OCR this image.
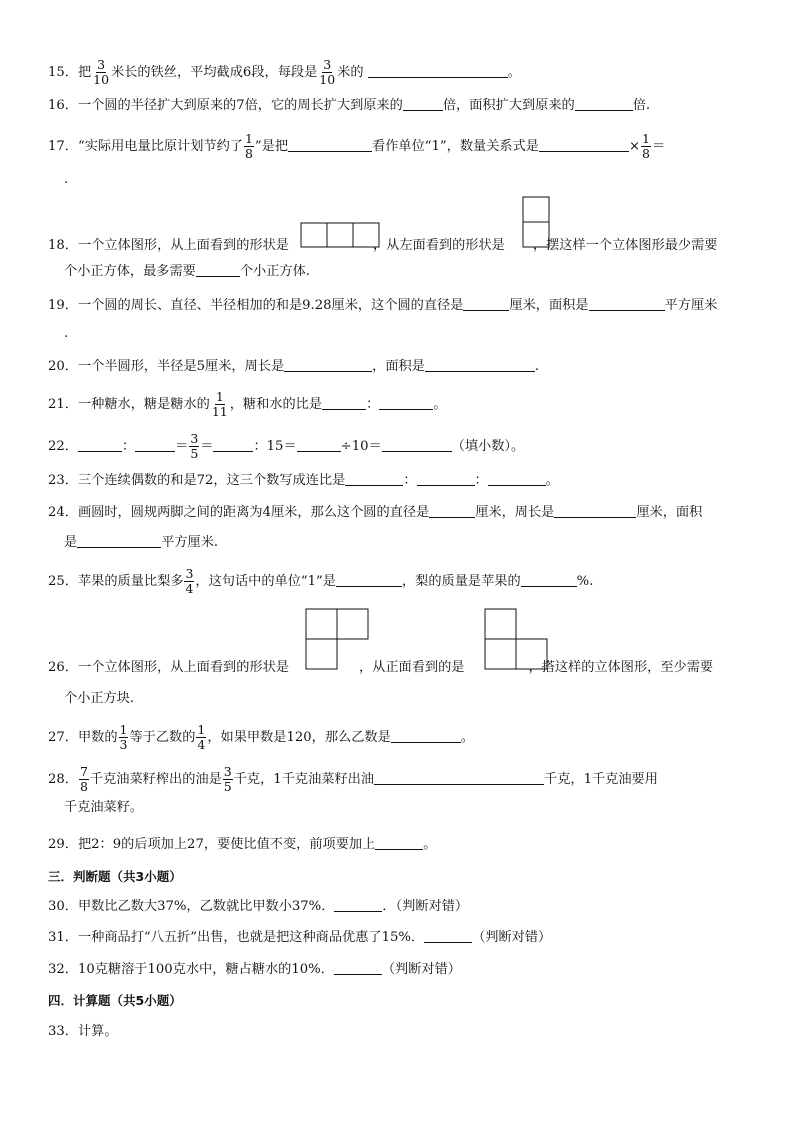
15．把 $\frac{3}{10}$ 米长的铁丝，平均截成6段，每段是 $\frac{3}{10}$ 米的	。
16．一个圆的半径扩大到原来的7倍，它的周长扩大到原来的	倍，面积扩大到原来的	倍.
17．“实际用电量比原计划节约了 $\frac{1}{8}$ ”是把	看作单位“1”，数量关系式是	× $\frac{1}{8}$ ＝
.
18．一个立体图形，从上面看到的形状是	，从左面看到的形状是 ，摆这样一个立体图形最少需要
个小正方体，最多需要	个小正方体.
19．一个圆的周长、直径、半径相加的和是9.28厘米，这个圆的直径是	厘米，面积是	平方厘米
.
20．一个半圆形，半径是5厘米，周长是	，面积是	.
21．一种糖水，糖是糖水的 $\frac{1}{11}$ ，糖和水的比是	：	。
22．	：	＝ $\frac{3}{5}$ ＝	：15＝	÷10＝	（填小数）。
23．三个连续偶数的和是72，这三个数写成连比是	：	：	。
24．画圆时，圆规两脚之间的距离为4厘米，那么这个圆的直径是	厘米，周长是	厘米，面积
是	平方厘米.
25．苹果的质量比梨多 $\frac{3}{4}$ ，这句话中的单位“1”是	，梨的质量是苹果的	%.
26．一个立体图形，从上面看到的形状是	，从正面看到的是	，搭这样的立体图形，至少需要
个小正方块.
27．甲数的 $\frac{1}{3}$ 等于乙数的 $\frac{1}{4}$ ，如果甲数是120，那么乙数是	。
28． $\frac{7}{8}$ 千克油菜籽榨出的油是 $\frac{3}{5}$ 千克，1千克油菜籽出油	千克，1千克油要用
千克油菜籽。
29．把2：9的后项加上27，要使比值不变，前项要加上	。
三．判断题（共3小题）
30．甲数比乙数大37%，乙数就比甲数小37%．	．（判断对错）
31．一种商品打“八五折”出售，也就是把这种商品优惠了15%．	（判断对错）
32．10克糖溶于100克水中，糖占糖水的10%．	（判断对错）
四．计算题（共5小题）
33．计算。
